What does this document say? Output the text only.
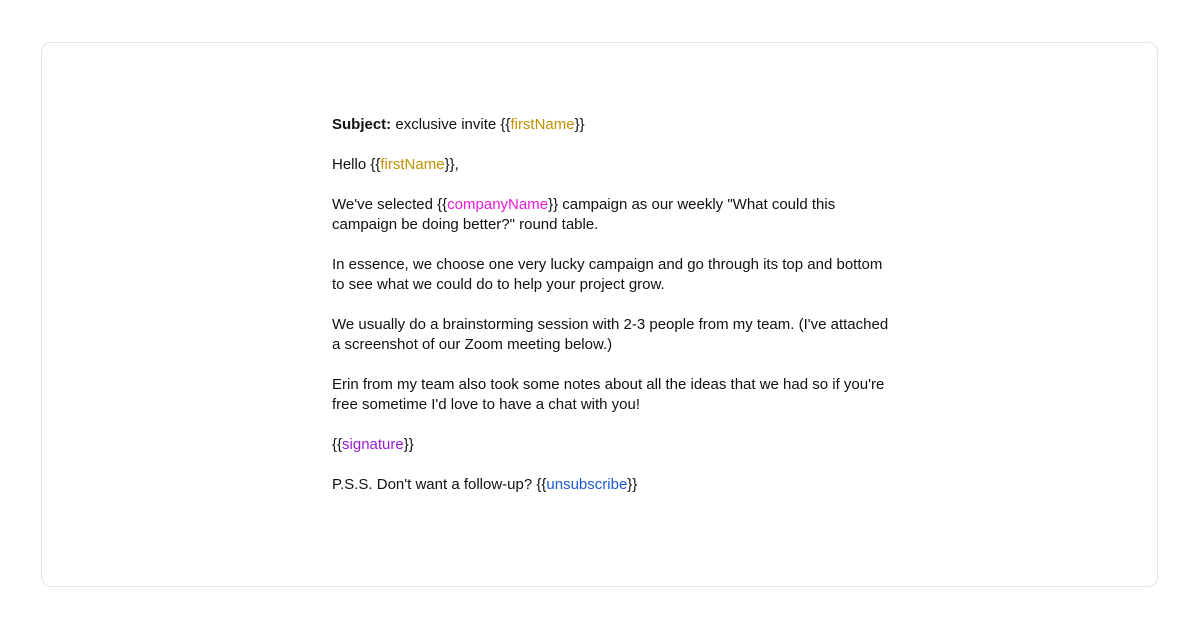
Subject: exclusive invite {{firstName}}

Hello {{firstName}},

We've selected {{companyName}} campaign as our weekly "What could this campaign be doing better?" round table.

In essence, we choose one very lucky campaign and go through its top and bottom to see what we could do to help your project grow.

We usually do a brainstorming session with 2-3 people from my team. (I've attached a screenshot of our Zoom meeting below.)

Erin from my team also took some notes about all the ideas that we had so if you're free sometime I'd love to have a chat with you!

{{signature}}

P.S.S. Don't want a follow-up? {{unsubscribe}}
